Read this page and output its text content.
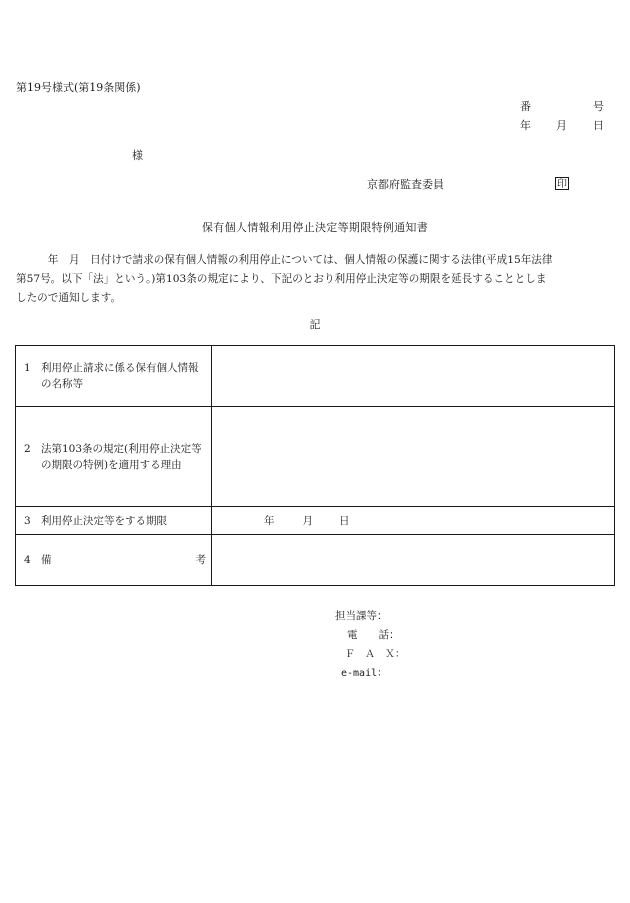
第19号様式(第19条関係)
番	号
年 月 日
様
京都府監査委員	印
保有個人情報利用停止決定等期限特例通知書
　　　年　月　日付けで請求の保有個人情報の利用停止については、個人情報の保護に関する法律(平成15年法律
第57号。以下「法」という。)第103条の規定により、下記のとおり利用停止決定等の期限を延長することとしま
したので通知します。
記
1 利用停止請求に係る保有個人情報の名称等	

2 法第103条の規定(利用停止決定等の期限の特例)を適用する理由	

3 利用停止決定等をする期限	年 月 日

4 備 考	

担当課等：
電　　話：
Ｆ　Ａ　Ｘ：
e-mail：
